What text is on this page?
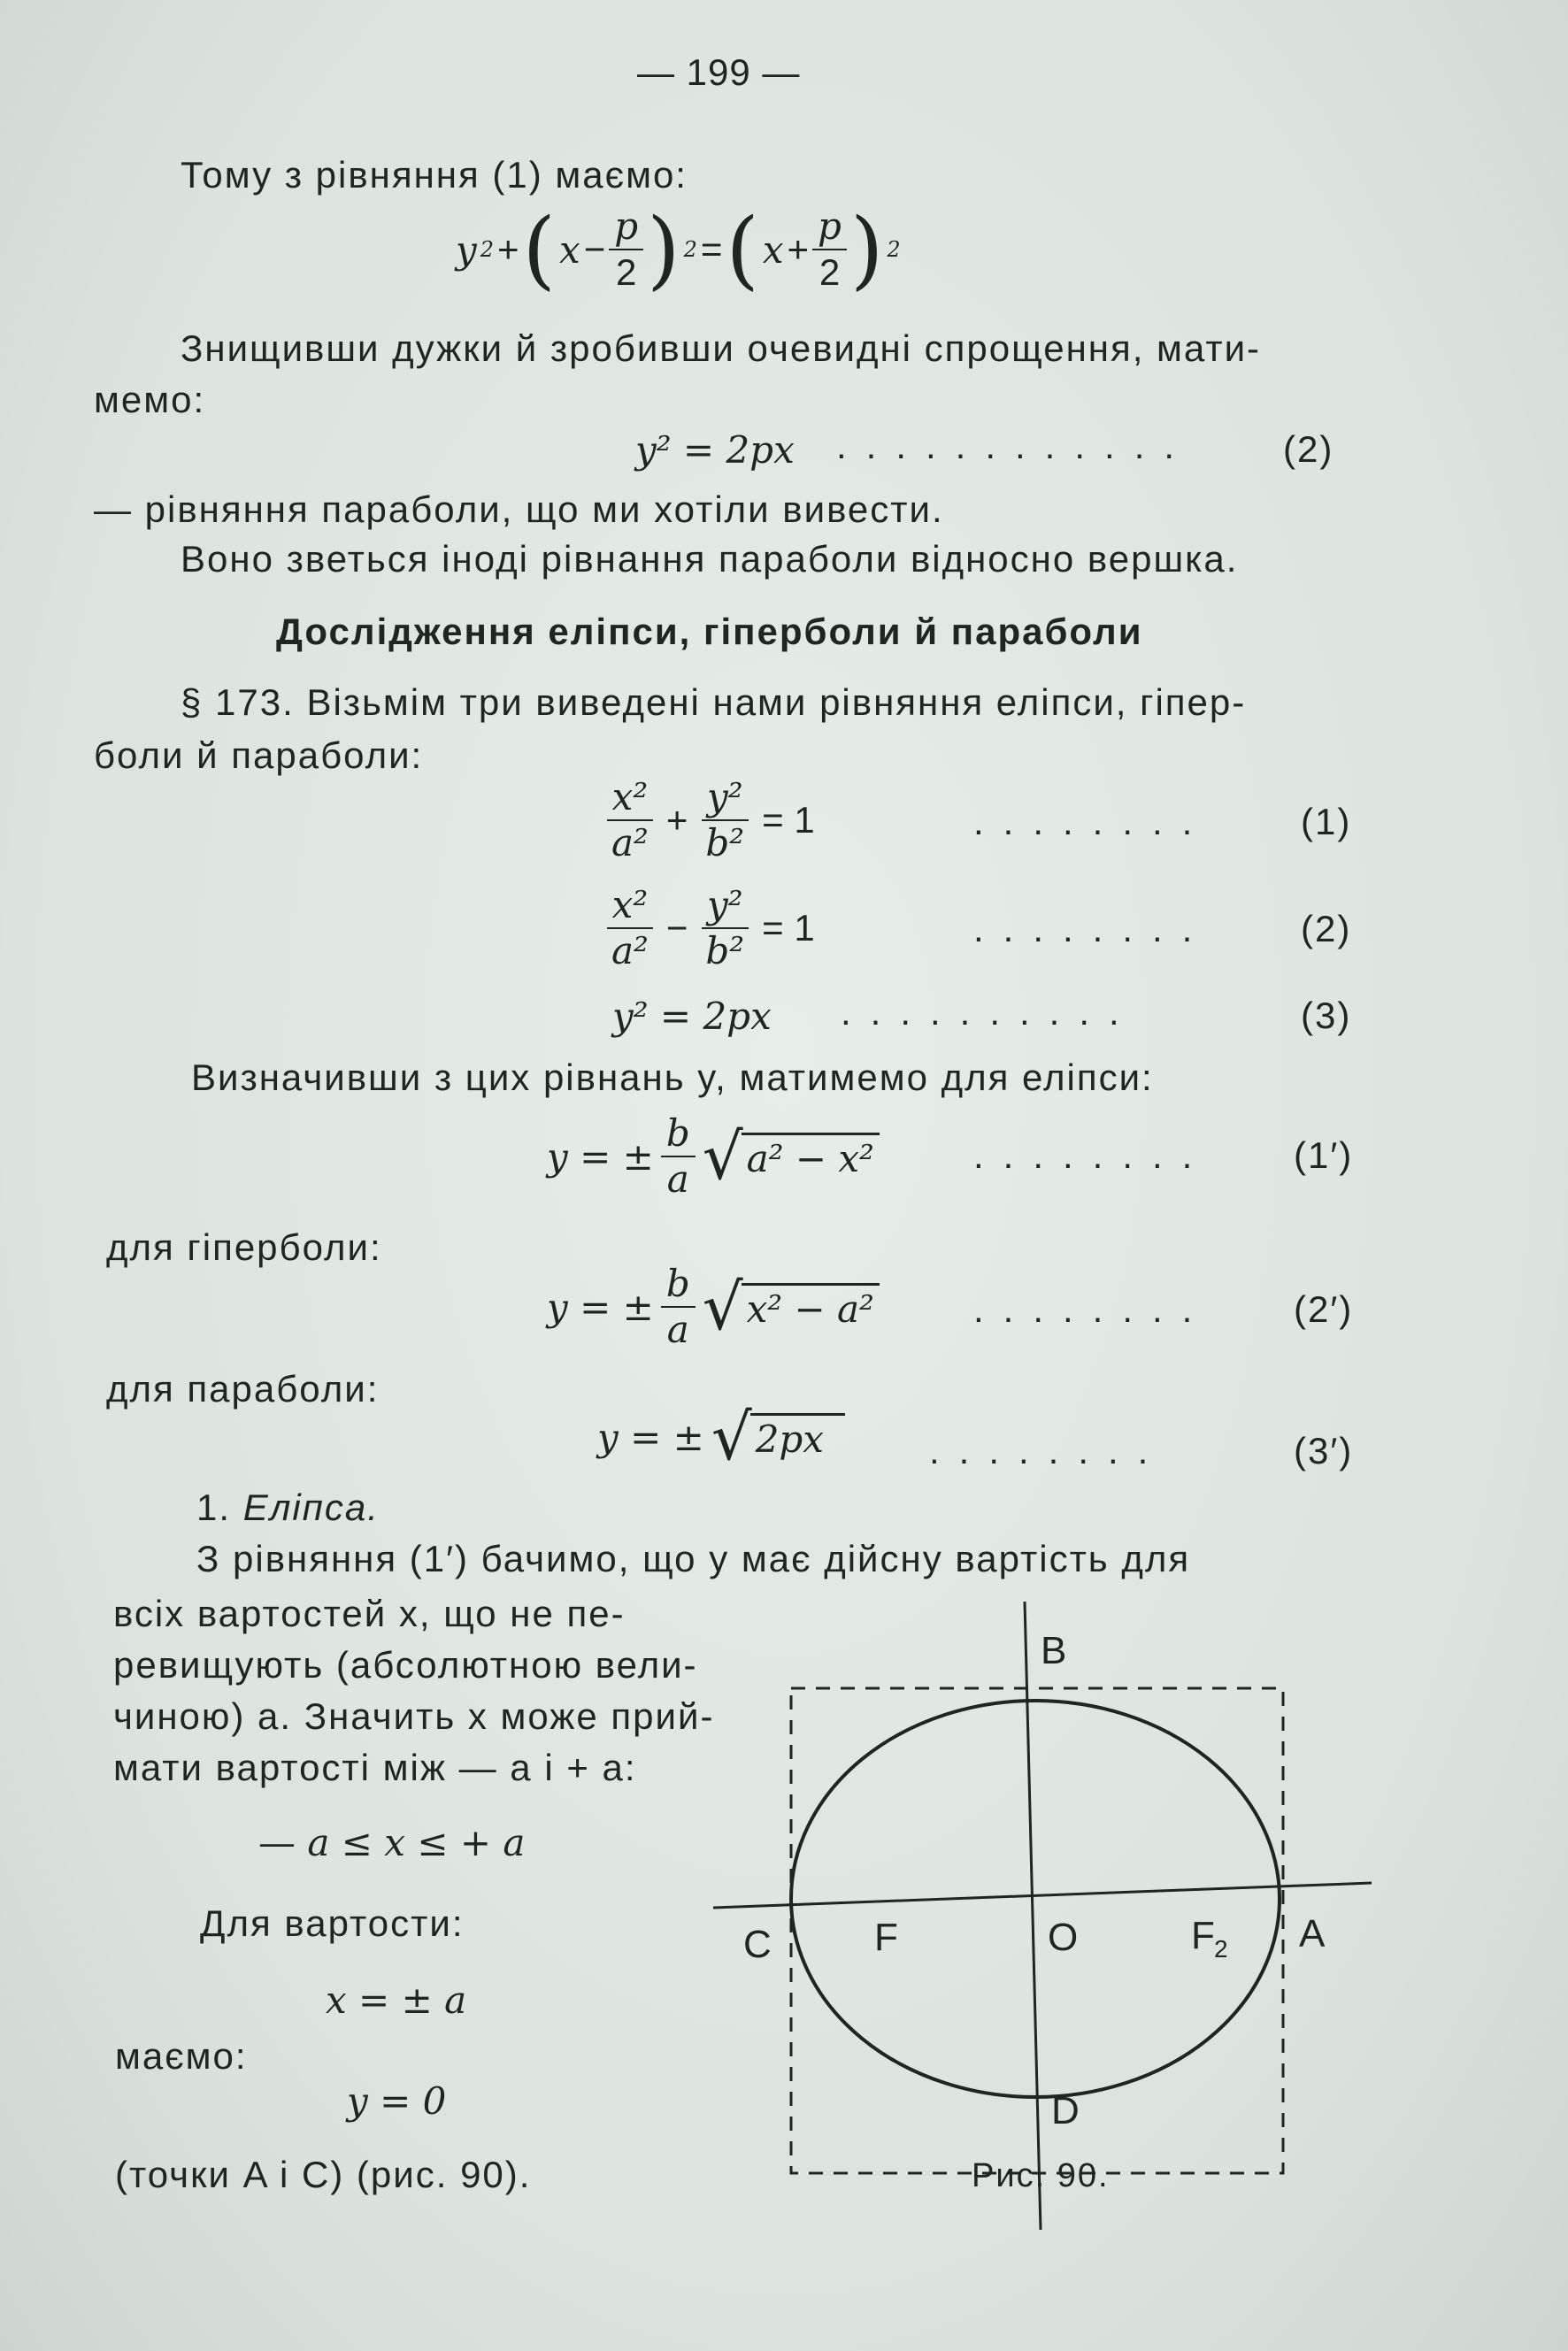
— 199 —
Тому з рівняння (1) маємо:
y 2 + ( $x - \frac{p}{2}$ ) 2 = ( $x + \frac{p}{2}$ ) 2
Знищивши дужки й зробивши очевидні спрощення, мати-
мемо:
y² = 2px ............ (2)
— рівняння параболи, що ми хотіли вивести.
Воно зветься іноді рівнання параболи відносно вершка.
Дослідження еліпси, гіперболи й параболи
§ 173. Візьмім три виведені нами рівняння еліпси, гіпер-
боли й параболи:
$\frac{\text{x²}}{\text{a²}} + \frac{\text{y²}}{\text{b²}} = 1$	........ (1)
$\frac{\text{x²}}{\text{a²}} - \frac{\text{y²}}{\text{b²}} = 1$	........ (2)
y² = 2px ..........	(3)
Визначивши з цих рівнань y, матимемо для еліпси:
y = ± $\frac{b}{a}$ √ a² − x²	........ (1′)
для гіперболи:
y = ± $\frac{b}{a}$ √ x² − a²	........ (2′)
для параболи:
y = ± √ 2px	........	(3′)
1. Еліпса.
З рівняння (1′) бачимо, що y має дійсну вартість для
всіх вартостей x, що не пе-
ревищують (абсолютною вели-
чиною) a. Значить x може прий-
мати вартості між — a і + a:
— a ≤ x ≤ + a
Для вартости:
x = ± a
маємо:
y = 0
(точки A і C) (рис. 90).
B
C	F	O	F 2 A
D
Рис. 90.
